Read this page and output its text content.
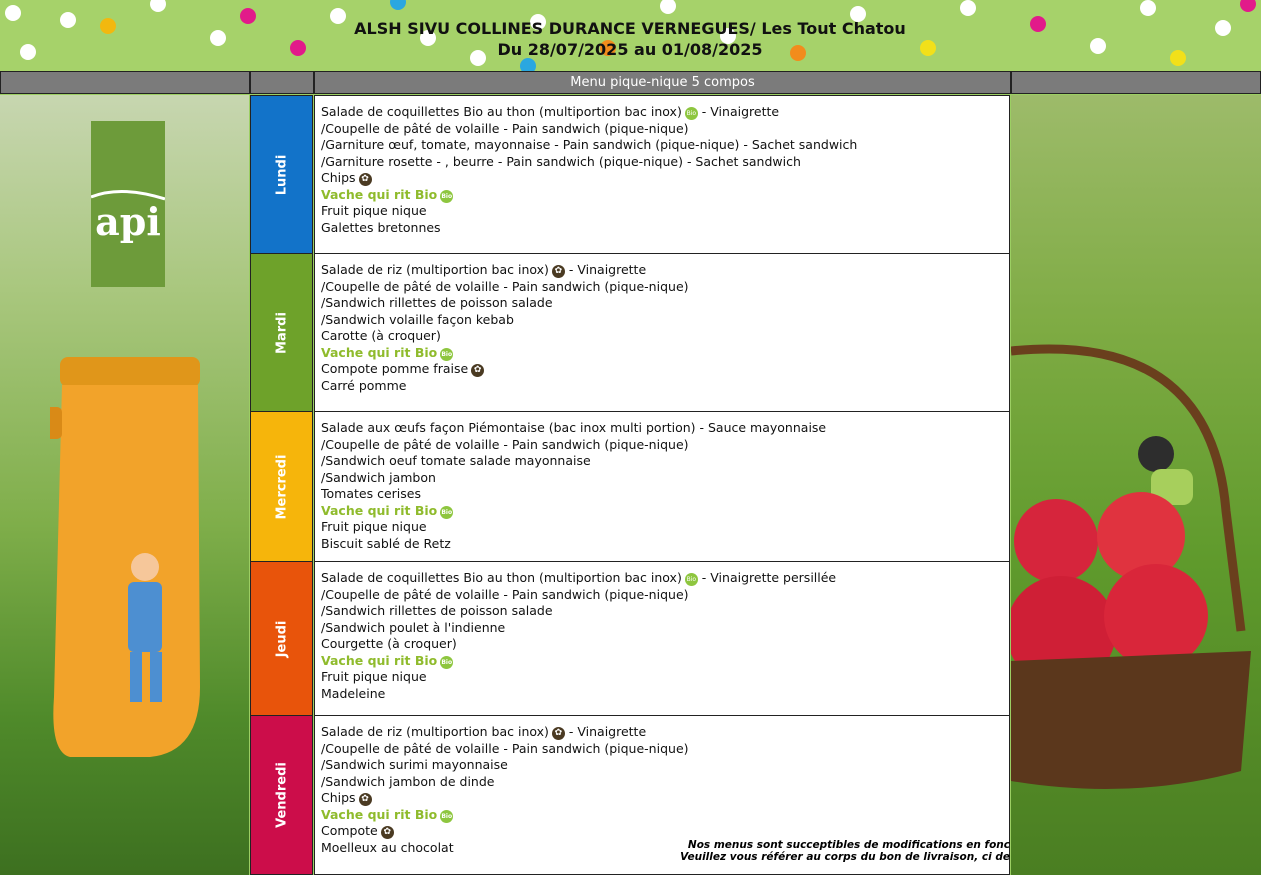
ALSH SIVU COLLINES DURANCE VERNEGUES/ Les Tout Chatou
Du 28/07/2025 au 01/08/2025
Menu pique-nique 5 compos
api
Lundi
Salade de coquillettes Bio au thon (multiportion bac inox) Bio - Vinaigrette
/Coupelle de pâté de volaille - Pain sandwich (pique-nique)
/Garniture œuf, tomate, mayonnaise - Pain sandwich (pique-nique) - Sachet sandwich
/Garniture rosette - , beurre - Pain sandwich (pique-nique) - Sachet sandwich
Chips ✿
Vache qui rit Bio Bio
Fruit pique nique
Galettes bretonnes
Mardi
Salade de riz (multiportion bac inox) ✿ - Vinaigrette
/Coupelle de pâté de volaille - Pain sandwich (pique-nique)
/Sandwich rillettes de poisson salade
/Sandwich volaille façon kebab
Carotte (à croquer)
Vache qui rit Bio Bio
Compote pomme fraise ✿
Carré pomme
Mercredi
Salade aux œufs façon Piémontaise (bac inox multi portion) - Sauce mayonnaise
/Coupelle de pâté de volaille - Pain sandwich (pique-nique)
/Sandwich oeuf tomate salade mayonnaise
/Sandwich jambon
Tomates cerises
Vache qui rit Bio Bio
Fruit pique nique
Biscuit sablé de Retz
Jeudi
Salade de coquillettes Bio au thon (multiportion bac inox) Bio - Vinaigrette persillée
/Coupelle de pâté de volaille - Pain sandwich (pique-nique)
/Sandwich rillettes de poisson salade
/Sandwich poulet à l'indienne
Courgette (à croquer)
Vache qui rit Bio Bio
Fruit pique nique
Madeleine
Vendredi
Salade de riz (multiportion bac inox) ✿ - Vinaigrette
/Coupelle de pâté de volaille - Pain sandwich (pique-nique)
/Sandwich surimi mayonnaise
/Sandwich jambon de dinde
Chips ✿
Vache qui rit Bio Bio
Compote ✿
Moelleux au chocolat	Nos menus sont succeptibles de modifications en fonc
Veuillez vous référer au corps du bon de livraison, ci de
